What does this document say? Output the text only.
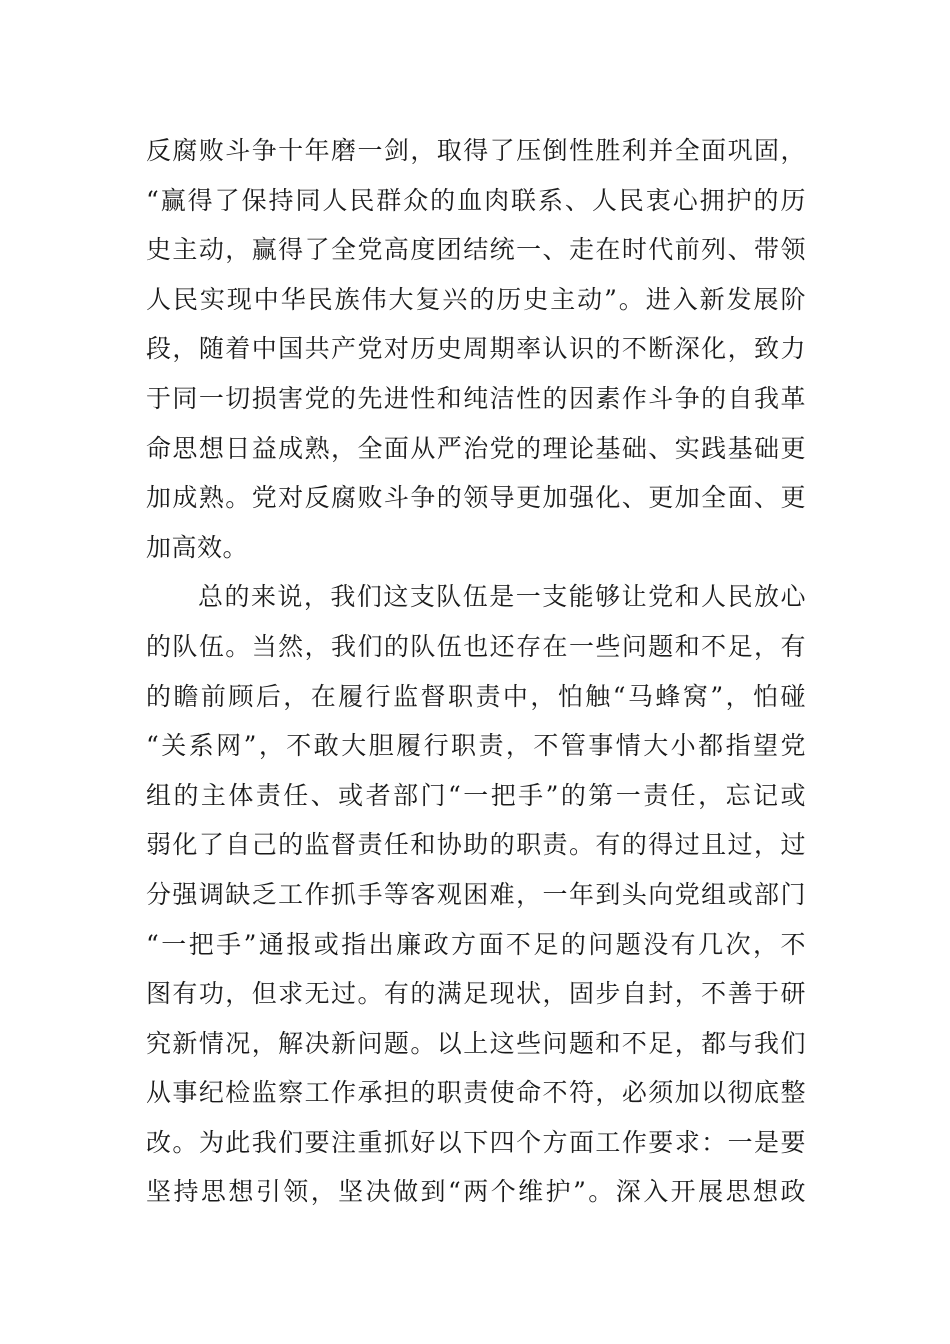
反腐败斗争十年磨一剑，取得了压倒性胜利并全面巩固，
“赢得了保持同人民群众的血肉联系、人民衷心拥护的历
史主动，赢得了全党高度团结统一、走在时代前列、带领
人民实现中华民族伟大复兴的历史主动”。进入新发展阶
段，随着中国共产党对历史周期率认识的不断深化，致力
于同一切损害党的先进性和纯洁性的因素作斗争的自我革
命思想日益成熟，全面从严治党的理论基础、实践基础更
加成熟。党对反腐败斗争的领导更加强化、更加全面、更
加高效。
总的来说，我们这支队伍是一支能够让党和人民放心
的队伍。当然，我们的队伍也还存在一些问题和不足，有
的瞻前顾后，在履行监督职责中，怕触“马蜂窝”，怕碰
“关系网”，不敢大胆履行职责，不管事情大小都指望党
组的主体责任、或者部门“一把手”的第一责任，忘记或
弱化了自己的监督责任和协助的职责。有的得过且过，过
分强调缺乏工作抓手等客观困难，一年到头向党组或部门
“一把手”通报或指出廉政方面不足的问题没有几次，不
图有功，但求无过。有的满足现状，固步自封，不善于研
究新情况，解决新问题。以上这些问题和不足，都与我们
从事纪检监察工作承担的职责使命不符，必须加以彻底整
改。为此我们要注重抓好以下四个方面工作要求：一是要
坚持思想引领，坚决做到“两个维护”。深入开展思想政
